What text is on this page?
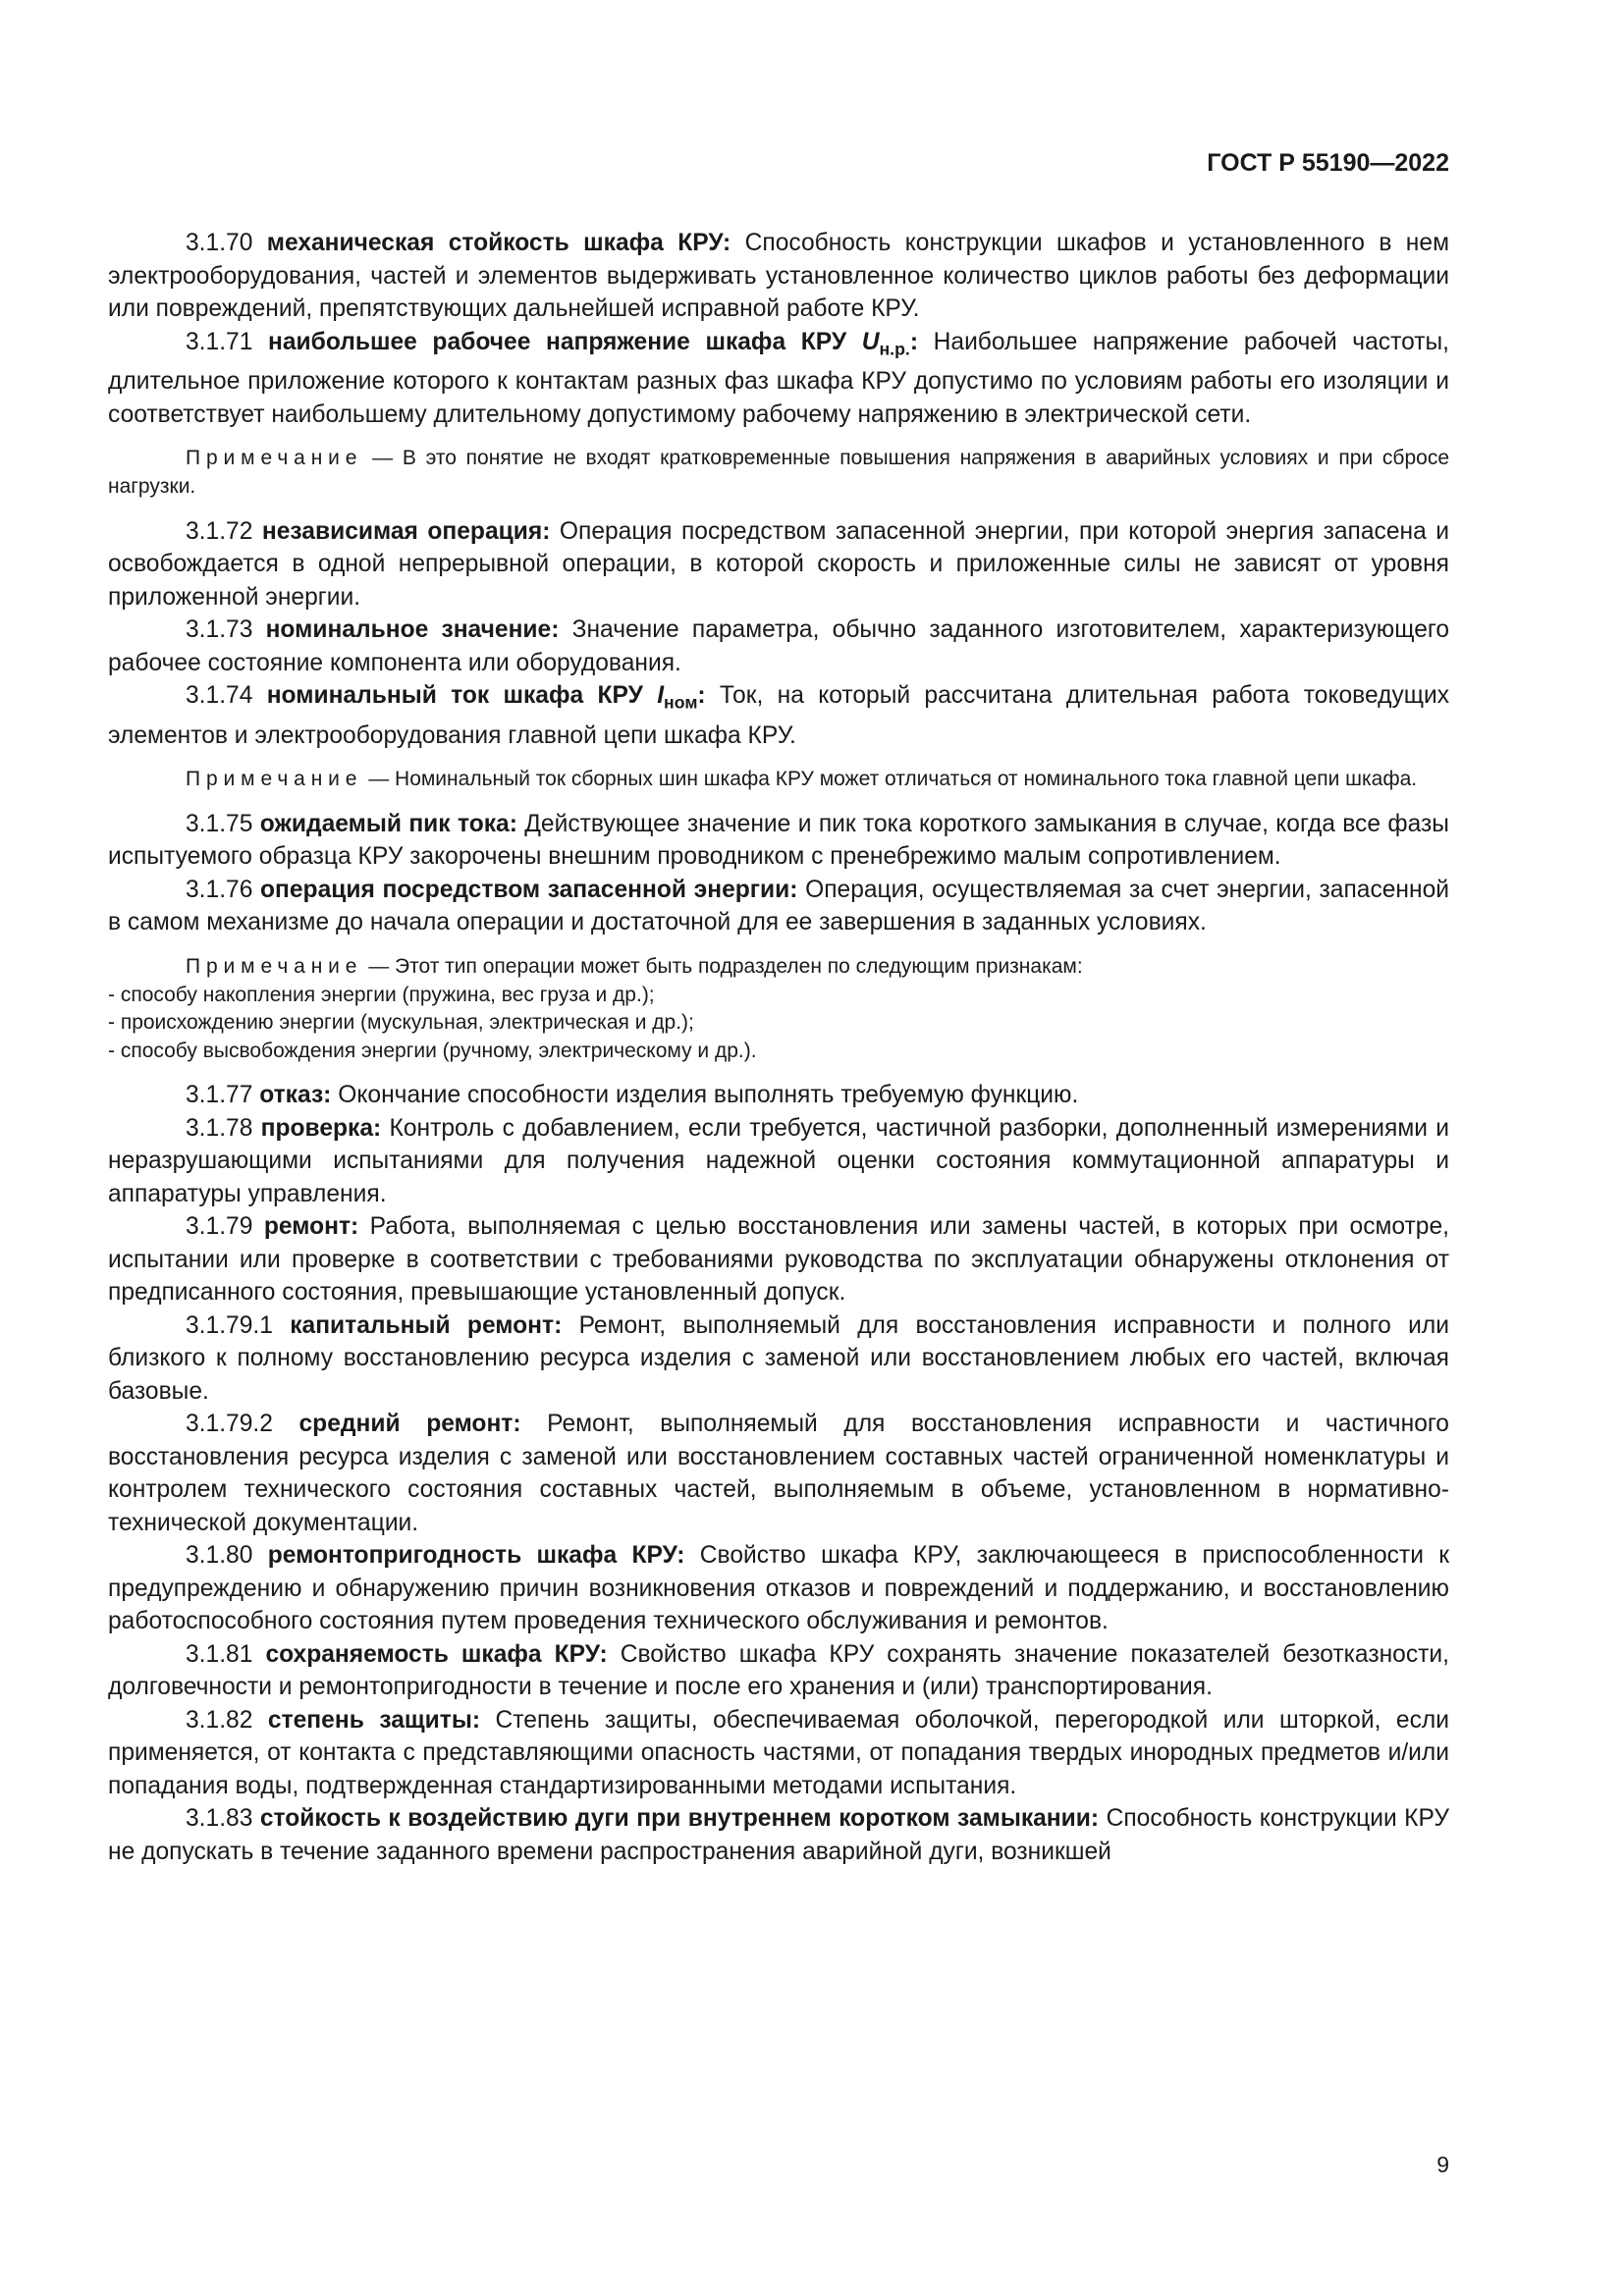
ГОСТ Р 55190—2022

3.1.70 механическая стойкость шкафа КРУ: Способность конструкции шкафов и установленного в нем электрооборудования, частей и элементов выдерживать установленное количество циклов работы без деформации или повреждений, препятствующих дальнейшей исправной работе КРУ.

3.1.71 наибольшее рабочее напряжение шкафа КРУ $U_{н.р.}$: Наибольшее напряжение рабочей частоты, длительное приложение которого к контактам разных фаз шкафа КРУ допустимо по условиям работы его изоляции и соответствует наибольшему длительному допустимому рабочему напряжению в электрической сети.

Примечание — В это понятие не входят кратковременные повышения напряжения в аварийных условиях и при сбросе нагрузки.

3.1.72 независимая операция: Операция посредством запасенной энергии, при которой энергия запасена и освобождается в одной непрерывной операции, в которой скорость и приложенные силы не зависят от уровня приложенной энергии.

3.1.73 номинальное значение: Значение параметра, обычно заданного изготовителем, характеризующего рабочее состояние компонента или оборудования.

3.1.74 номинальный ток шкафа КРУ $I_{ном}$: Ток, на который рассчитана длительная работа токоведущих элементов и электрооборудования главной цепи шкафа КРУ.

Примечание — Номинальный ток сборных шин шкафа КРУ может отличаться от номинального тока главной цепи шкафа.

3.1.75 ожидаемый пик тока: Действующее значение и пик тока короткого замыкания в случае, когда все фазы испытуемого образца КРУ закорочены внешним проводником с пренебрежимо малым сопротивлением.

3.1.76 операция посредством запасенной энергии: Операция, осуществляемая за счет энергии, запасенной в самом механизме до начала операции и достаточной для ее завершения в заданных условиях.

Примечание — Этот тип операции может быть подразделен по следующим признакам:

- способу накопления энергии (пружина, вес груза и др.);

- происхождению энергии (мускульная, электрическая и др.);

- способу высвобождения энергии (ручному, электрическому и др.).

3.1.77 отказ: Окончание способности изделия выполнять требуемую функцию.

3.1.78 проверка: Контроль с добавлением, если требуется, частичной разборки, дополненный измерениями и неразрушающими испытаниями для получения надежной оценки состояния коммутационной аппаратуры и аппаратуры управления.

3.1.79 ремонт: Работа, выполняемая с целью восстановления или замены частей, в которых при осмотре, испытании или проверке в соответствии с требованиями руководства по эксплуатации обнаружены отклонения от предписанного состояния, превышающие установленный допуск.

3.1.79.1 капитальный ремонт: Ремонт, выполняемый для восстановления исправности и полного или близкого к полному восстановлению ресурса изделия с заменой или восстановлением любых его частей, включая базовые.

3.1.79.2 средний ремонт: Ремонт, выполняемый для восстановления исправности и частичного восстановления ресурса изделия с заменой или восстановлением составных частей ограниченной номенклатуры и контролем технического состояния составных частей, выполняемым в объеме, установленном в нормативно-технической документации.

3.1.80 ремонтопригодность шкафа КРУ: Свойство шкафа КРУ, заключающееся в приспособленности к предупреждению и обнаружению причин возникновения отказов и повреждений и поддержанию, и восстановлению работоспособного состояния путем проведения технического обслуживания и ремонтов.

3.1.81 сохраняемость шкафа КРУ: Свойство шкафа КРУ сохранять значение показателей безотказности, долговечности и ремонтопригодности в течение и после его хранения и (или) транспортирования.

3.1.82 степень защиты: Степень защиты, обеспечиваемая оболочкой, перегородкой или шторкой, если применяется, от контакта с представляющими опасность частями, от попадания твердых инородных предметов и/или попадания воды, подтвержденная стандартизированными методами испытания.

3.1.83 стойкость к воздействию дуги при внутреннем коротком замыкании: Способность конструкции КРУ не допускать в течение заданного времени распространения аварийной дуги, возникшей

9
